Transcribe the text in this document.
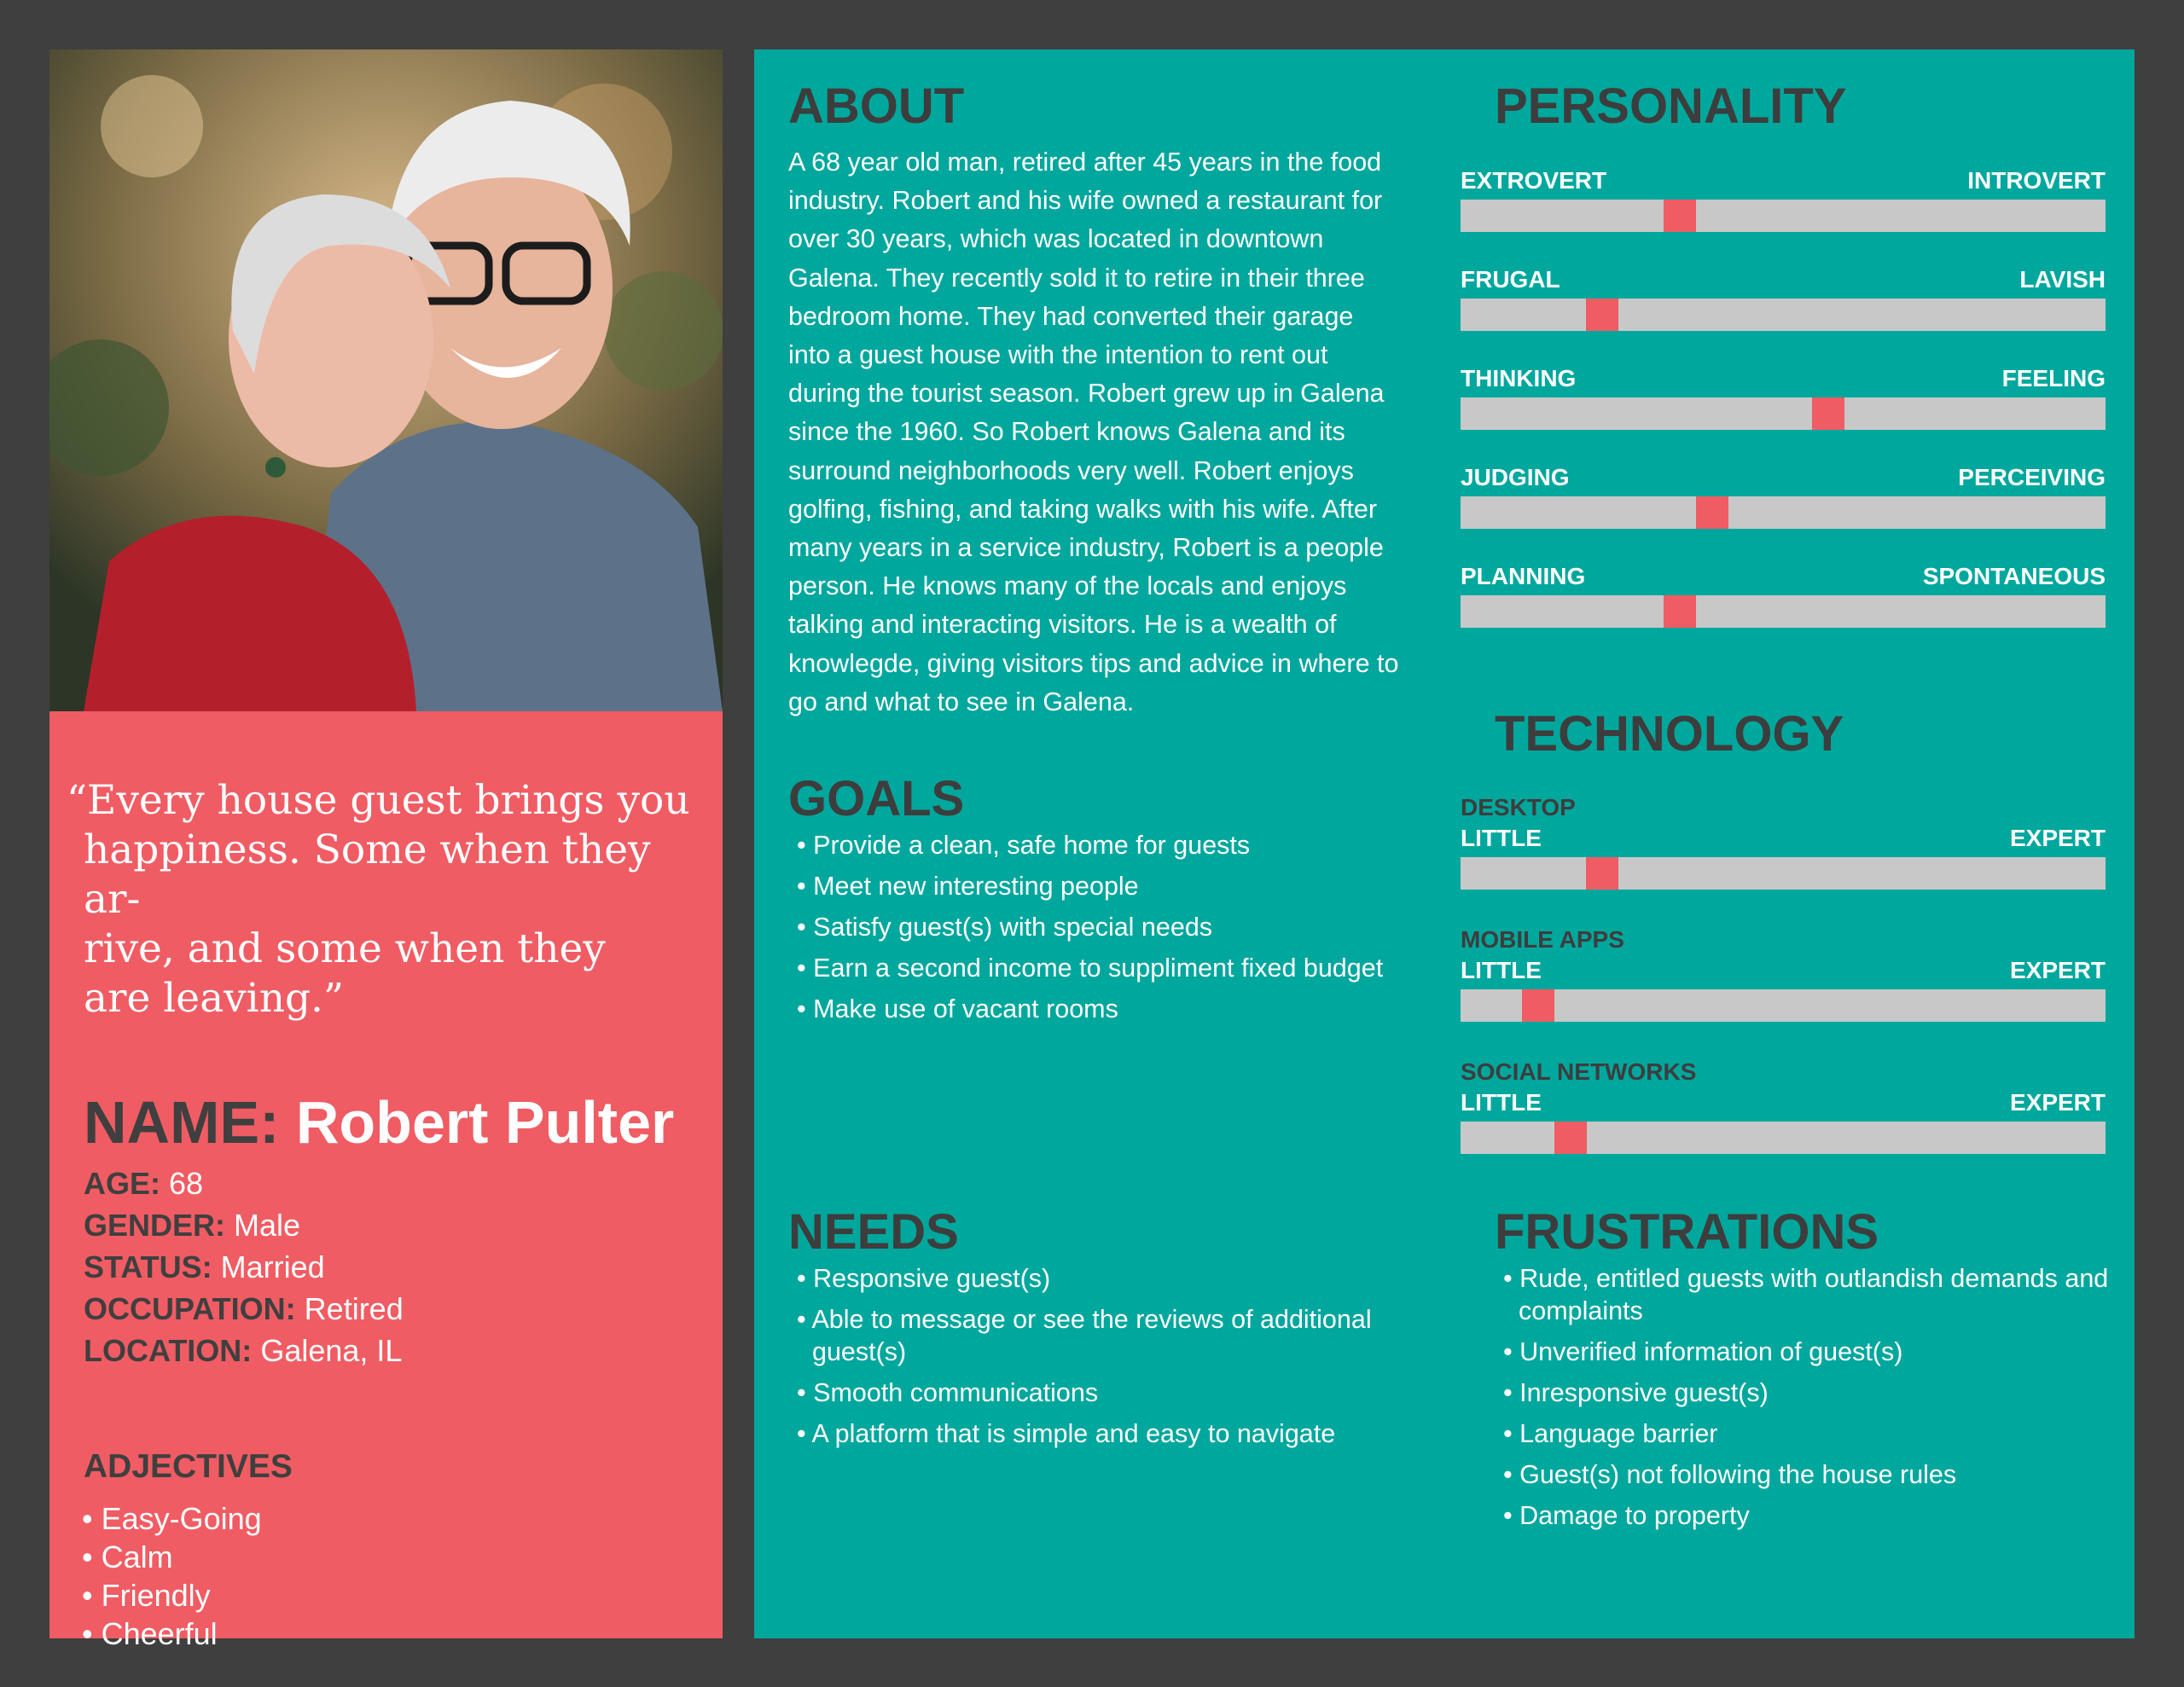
“Every house guest brings you
happiness. Some when they ar-
rive, and some when they
are leaving.”
NAME: Robert Pulter
AGE: 68
GENDER: Male
STATUS: Married
OCCUPATION: Retired
LOCATION: Galena, IL
ADJECTIVES
• Easy-Going
• Calm
• Friendly
• Cheerful
ABOUT
A 68 year old man, retired after 45 years in the food industry. Robert and his wife owned a restaurant for over 30 years, which was located in downtown Galena. They recently sold it to retire in their three bedroom home. They had converted their garage into a guest house with the intention to rent out during the tourist season. Robert grew up in Galena since the 1960. So Robert knows Galena and its surround neighborhoods very well. Robert enjoys golfing, fishing, and taking walks with his wife. After many years in a service industry, Robert is a people person. He knows many of the locals and enjoys talking and interacting visitors. He is a wealth of knowlegde, giving visitors tips and advice in where to go and what to see in Galena.
GOALS
• Provide a clean, safe home for guests
• Meet new interesting people
• Satisfy guest(s) with special needs
• Earn a second income to suppliment fixed budget
• Make use of vacant rooms
NEEDS
• Responsive guest(s)
• Able to message or see the reviews of additional guest(s)
• Smooth communications
• A platform that is simple and easy to navigate
PERSONALITY
EXTROVERT	INTROVERT
FRUGAL	LAVISH
THINKING	FEELING
JUDGING	PERCEIVING
PLANNING	SPONTANEOUS
TECHNOLOGY
DESKTOP
LITTLE	EXPERT
MOBILE APPS
LITTLE	EXPERT
SOCIAL NETWORKS
LITTLE	EXPERT
FRUSTRATIONS
• Rude, entitled guests with outlandish demands and complaints
• Unverified information of guest(s)
• Inresponsive guest(s)
• Language barrier
• Guest(s) not following the house rules
• Damage to property
